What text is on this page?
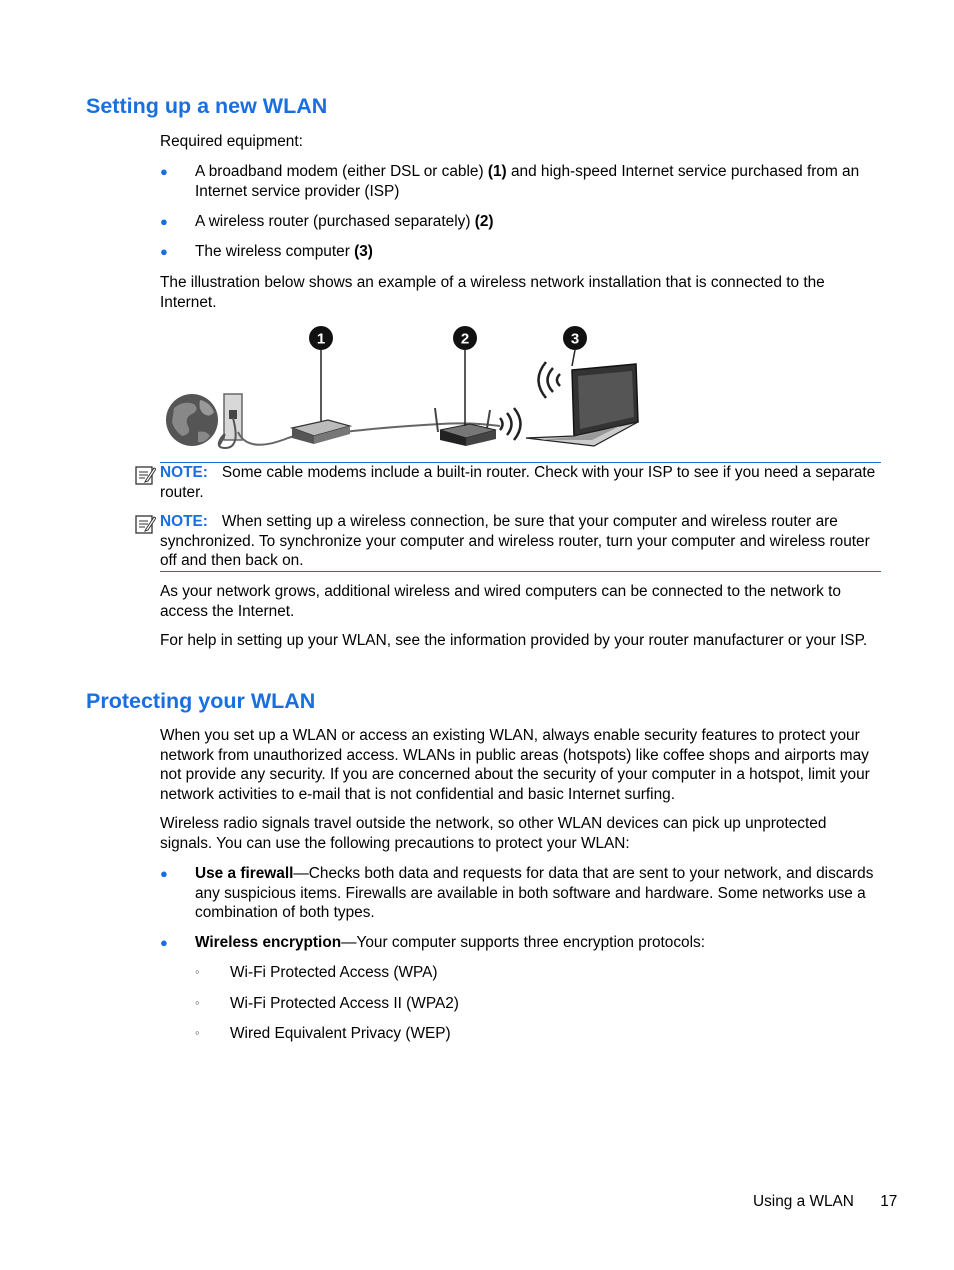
Setting up a new WLAN

Required equipment:

● A broadband modem (either DSL or cable) (1) and high-speed Internet service purchased from an Internet service provider (ISP)
● A wireless router (purchased separately) (2)
● The wireless computer (3)

The illustration below shows an example of a wireless network installation that is connected to the Internet.

1	2	3

NOTE: Some cable modems include a built-in router. Check with your ISP to see if you need a separate router.

NOTE: When setting up a wireless connection, be sure that your computer and wireless router are synchronized. To synchronize your computer and wireless router, turn your computer and wireless router off and then back on.

As your network grows, additional wireless and wired computers can be connected to the network to access the Internet.

For help in setting up your WLAN, see the information provided by your router manufacturer or your ISP.

Protecting your WLAN

When you set up a WLAN or access an existing WLAN, always enable security features to protect your network from unauthorized access. WLANs in public areas (hotspots) like coffee shops and airports may not provide any security. If you are concerned about the security of your computer in a hotspot, limit your network activities to e-mail that is not confidential and basic Internet surfing.

Wireless radio signals travel outside the network, so other WLAN devices can pick up unprotected signals. You can use the following precautions to protect your WLAN:

● Use a firewall—Checks both data and requests for data that are sent to your network, and discards any suspicious items. Firewalls are available in both software and hardware. Some networks use a combination of both types.
● Wireless encryption—Your computer supports three encryption protocols:
◦ Wi-Fi Protected Access (WPA)
◦ Wi-Fi Protected Access II (WPA2)
◦ Wired Equivalent Privacy (WEP)
Using a WLAN 17
